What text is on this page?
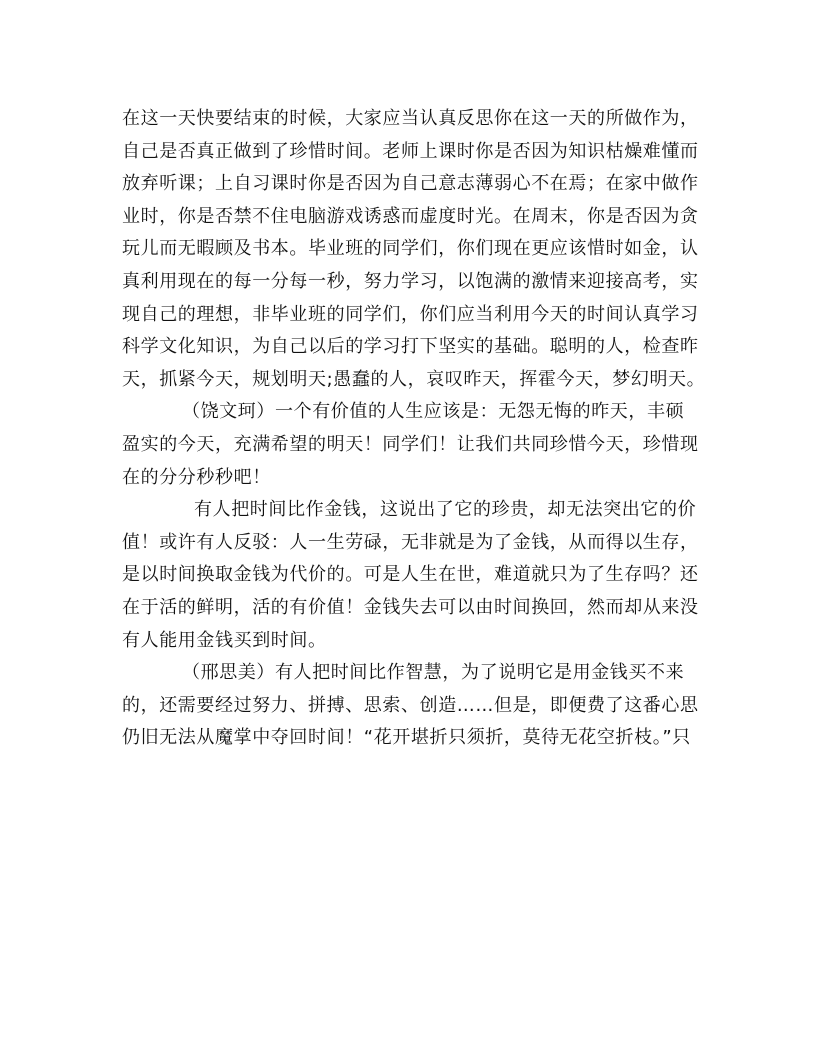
在这一天快要结束的时候，大家应当认真反思你在这一天的所做作为，
自己是否真正做到了珍惜时间。老师上课时你是否因为知识枯燥难懂而
放弃听课；上自习课时你是否因为自己意志薄弱心不在焉；在家中做作
业时，你是否禁不住电脑游戏诱惑而虚度时光。在周末，你是否因为贪
玩儿而无暇顾及书本。毕业班的同学们，你们现在更应该惜时如金，认
真利用现在的每一分每一秒，努力学习，以饱满的激情来迎接高考，实
现自己的理想，非毕业班的同学们，你们应当利用今天的时间认真学习
科学文化知识，为自己以后的学习打下坚实的基础。聪明的人，检查昨
天，抓紧今天，规划明天;愚蠢的人，哀叹昨天，挥霍今天，梦幻明天。
（饶文珂）一个有价值的人生应该是：无怨无悔的昨天，丰硕
盈实的今天，充满希望的明天！同学们！让我们共同珍惜今天，珍惜现
在的分分秒秒吧！
有人把时间比作金钱，这说出了它的珍贵，却无法突出它的价
值！或许有人反驳：人一生劳碌，无非就是为了金钱，从而得以生存，
是以时间换取金钱为代价的。可是人生在世，难道就只为了生存吗？还
在于活的鲜明，活的有价值！金钱失去可以由时间换回，然而却从来没
有人能用金钱买到时间。
（邢思美）有人把时间比作智慧，为了说明它是用金钱买不来
的，还需要经过努力、拼搏、思索、创造……但是，即便费了这番心思
仍旧无法从魔掌中夺回时间！“花开堪折只须折，莫待无花空折枝。”只
